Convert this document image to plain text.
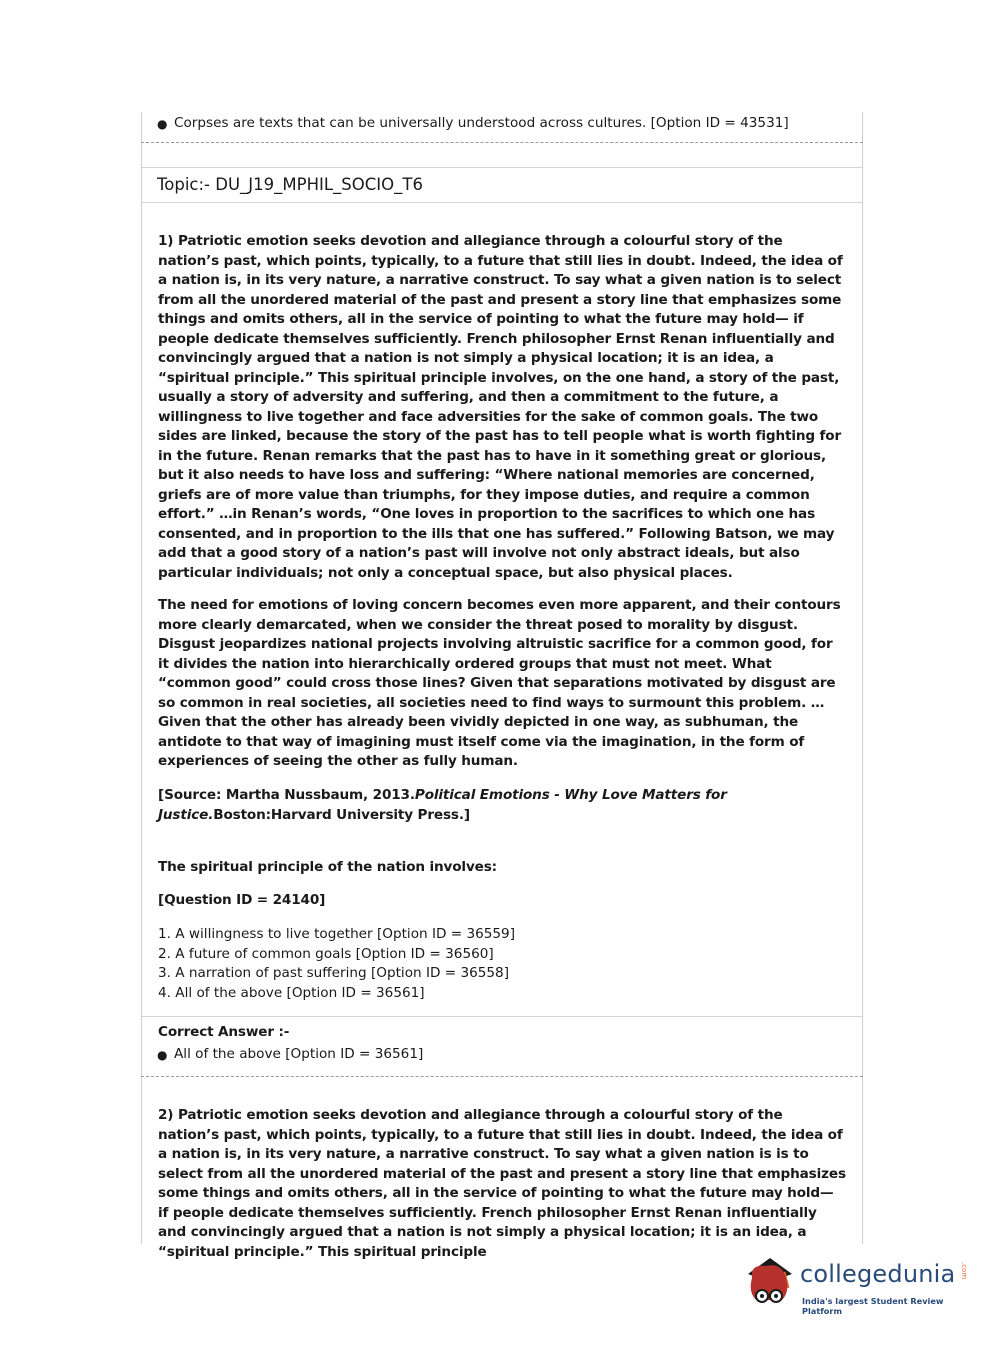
● Corpses are texts that can be universally understood across cultures. [Option ID = 43531]
Topic:- DU_J19_MPHIL_SOCIO_T6

1) Patriotic emotion seeks devotion and allegiance through a colourful story of the nation’s past, which points, typically, to a future that still lies in doubt. Indeed, the idea of a nation is, in its very nature, a narrative construct. To say what a given nation is to select from all the unordered material of the past and present a story line that emphasizes some things and omits others, all in the service of pointing to what the future may hold— if people dedicate themselves sufficiently. French philosopher Ernst Renan influentially and convincingly argued that a nation is not simply a physical location; it is an idea, a “spiritual principle.” This spiritual principle involves, on the one hand, a story of the past, usually a story of adversity and suffering, and then a commitment to the future, a willingness to live together and face adversities for the sake of common goals. The two sides are linked, because the story of the past has to tell people what is worth fighting for in the future. Renan remarks that the past has to have in it something great or glorious, but it also needs to have loss and suffering: “Where national memories are concerned, griefs are of more value than triumphs, for they impose duties, and require a common effort.” …in Renan’s words, “One loves in proportion to the sacrifices to which one has consented, and in proportion to the ills that one has suffered.” Following Batson, we may add that a good story of a nation’s past will involve not only abstract ideals, but also particular individuals; not only a conceptual space, but also physical places.

The need for emotions of loving concern becomes even more apparent, and their contours more clearly demarcated, when we consider the threat posed to morality by disgust. Disgust jeopardizes national projects involving altruistic sacrifice for a common good, for it divides the nation into hierarchically ordered groups that must not meet. What “common good” could cross those lines? Given that separations motivated by disgust are so common in real societies, all societies need to find ways to surmount this problem. … Given that the other has already been vividly depicted in one way, as subhuman, the antidote to that way of imagining must itself come via the imagination, in the form of experiences of seeing the other as fully human.

[Source: Martha Nussbaum, 2013.Political Emotions - Why Love Matters for Justice.Boston:Harvard University Press.]

The spiritual principle of the nation involves:

[Question ID = 24140]

1. A willingness to live together [Option ID = 36559]
2. A future of common goals [Option ID = 36560]
3. A narration of past suffering [Option ID = 36558]
4. All of the above [Option ID = 36561]

Correct Answer :-

● All of the above [Option ID = 36561]

2) Patriotic emotion seeks devotion and allegiance through a colourful story of the nation’s past, which points, typically, to a future that still lies in doubt. Indeed, the idea of a nation is, in its very nature, a narrative construct. To say what a given nation is is to select from all the unordered material of the past and present a story line that emphasizes some things and omits others, all in the service of pointing to what the future may hold— if people dedicate themselves sufficiently. French philosopher Ernst Renan influentially and convincingly argued that a nation is not simply a physical location; it is an idea, a “spiritual principle.” This spiritual principle

collegedunia .com
India's largest Student Review Platform
